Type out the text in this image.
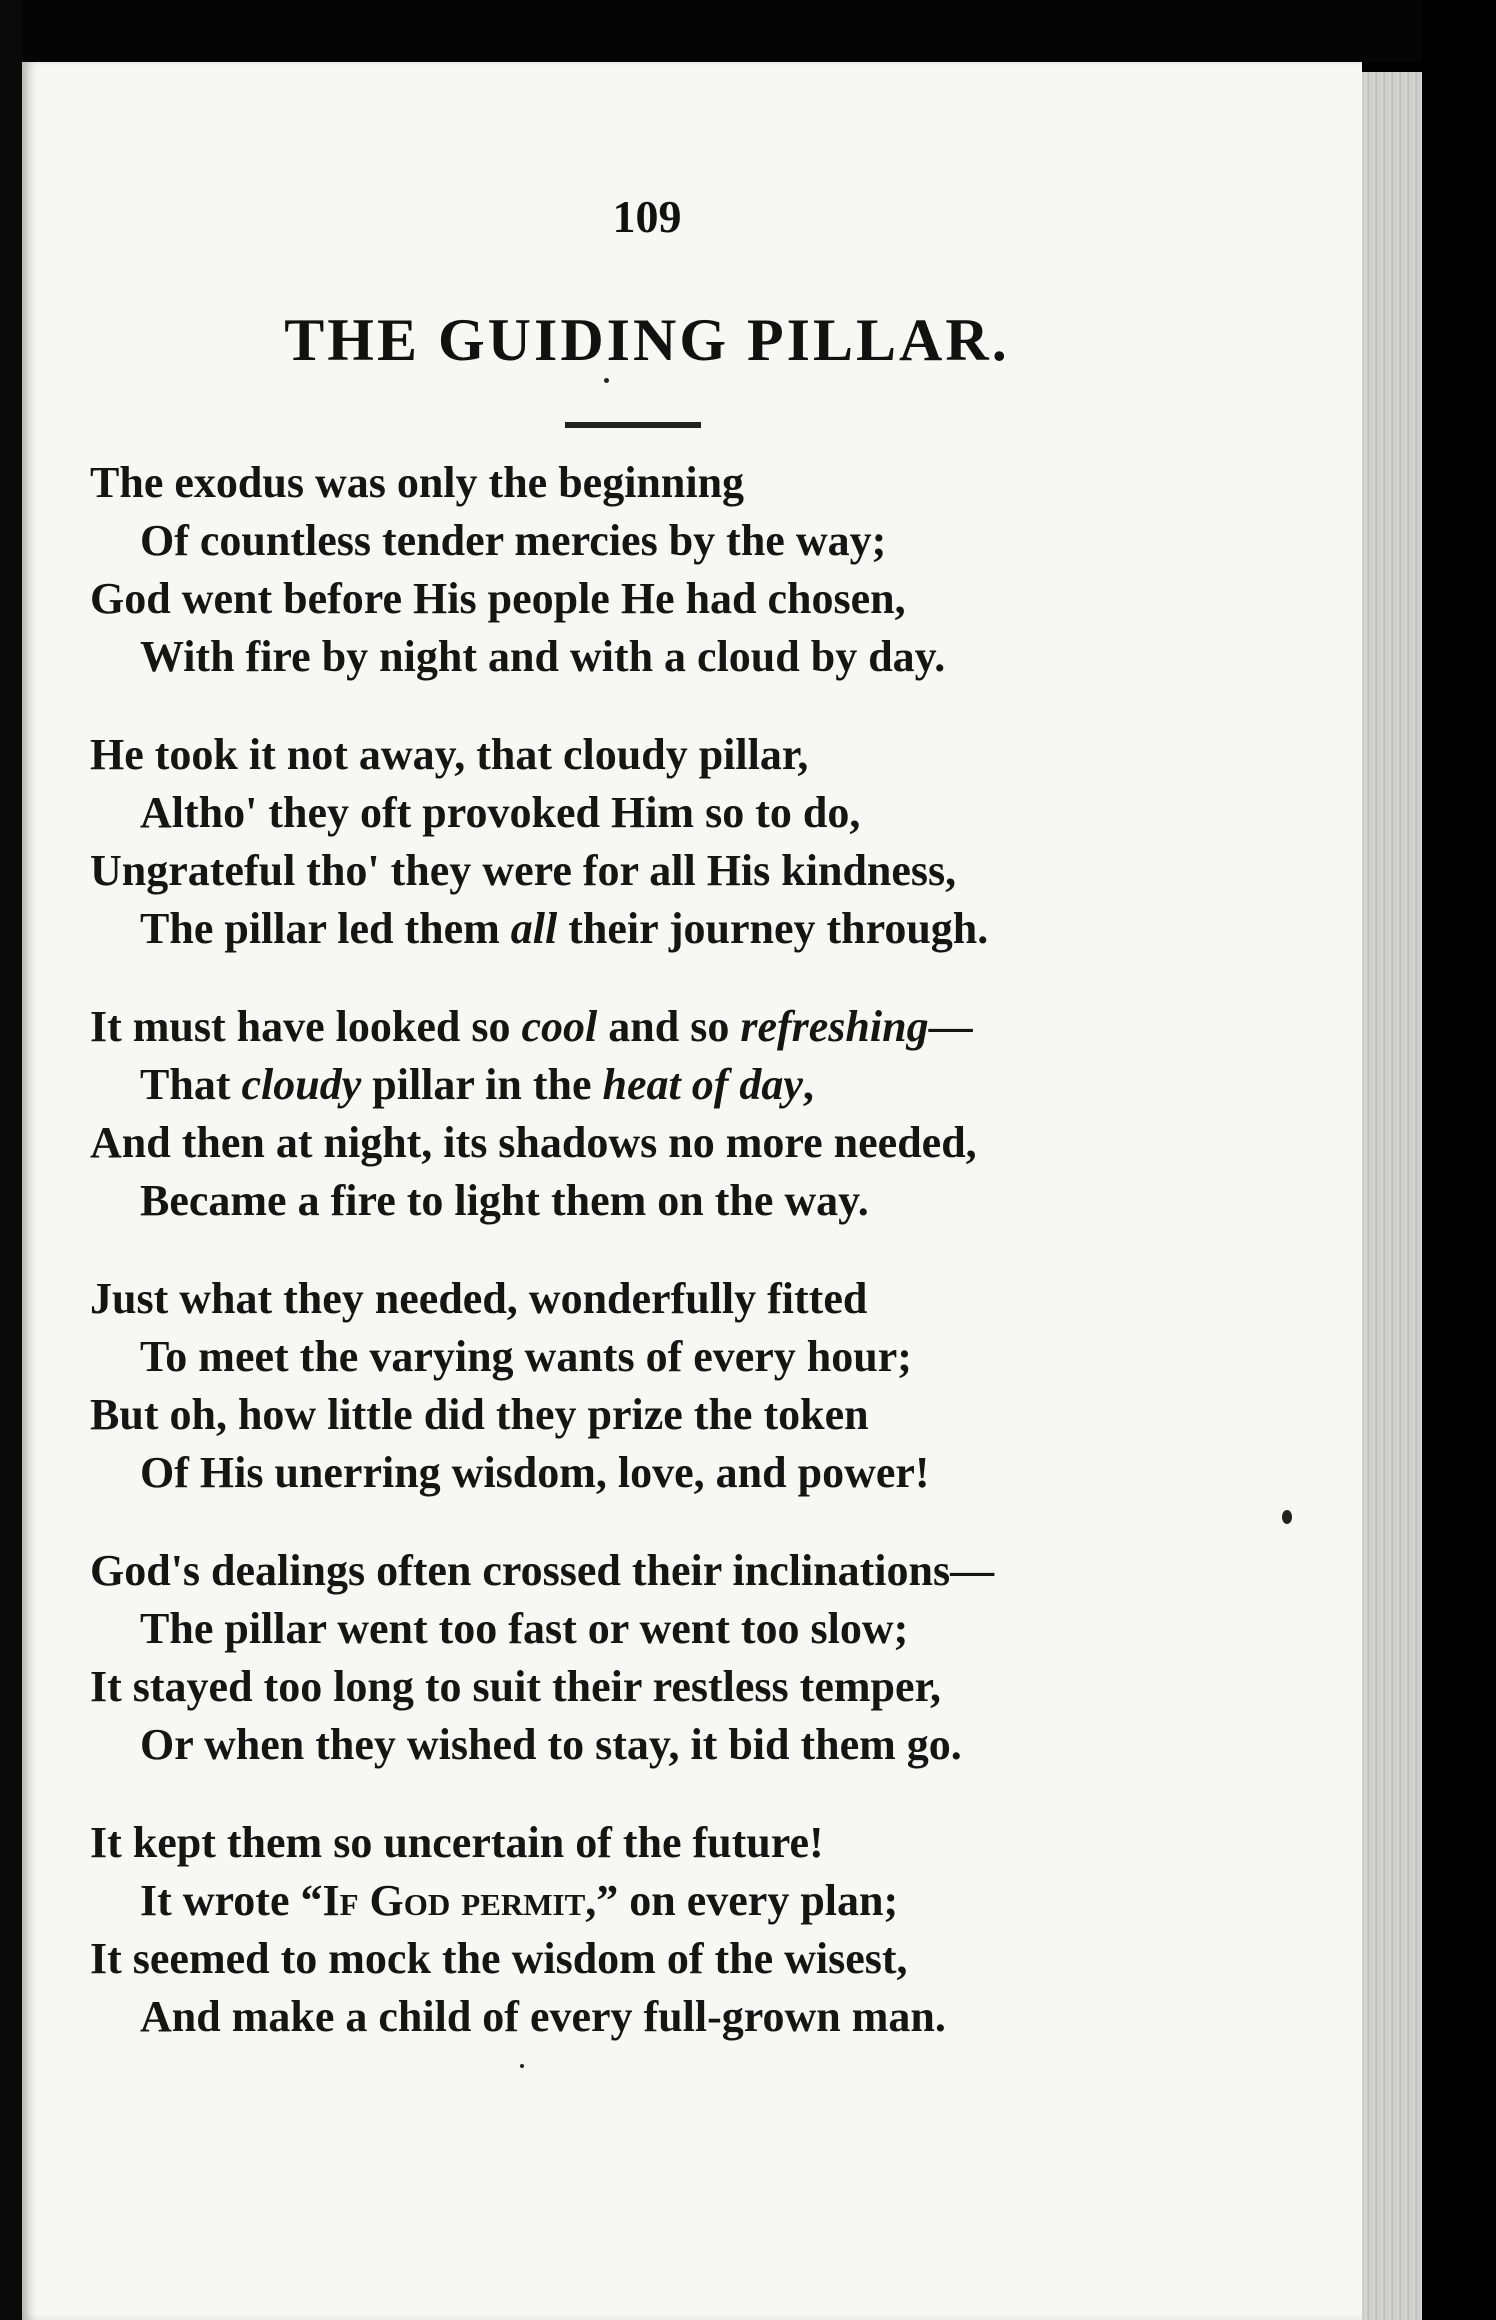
109
THE GUIDING PILLAR.
The exodus was only the beginning
Of countless tender mercies by the way;
God went before His people He had chosen,
With fire by night and with a cloud by day.
He took it not away, that cloudy pillar,
Altho' they oft provoked Him so to do,
Ungrateful tho' they were for all His kindness,
The pillar led them all their journey through.
It must have looked so cool and so refreshing—
That cloudy pillar in the heat of day,
And then at night, its shadows no more needed,
Became a fire to light them on the way.
Just what they needed, wonderfully fitted
To meet the varying wants of every hour;
But oh, how little did they prize the token
Of His unerring wisdom, love, and power!
God's dealings often crossed their inclinations—
The pillar went too fast or went too slow;
It stayed too long to suit their restless temper,
Or when they wished to stay, it bid them go.
It kept them so uncertain of the future!
It wrote “If God permit,” on every plan;
It seemed to mock the wisdom of the wisest,
And make a child of every full-grown man.
